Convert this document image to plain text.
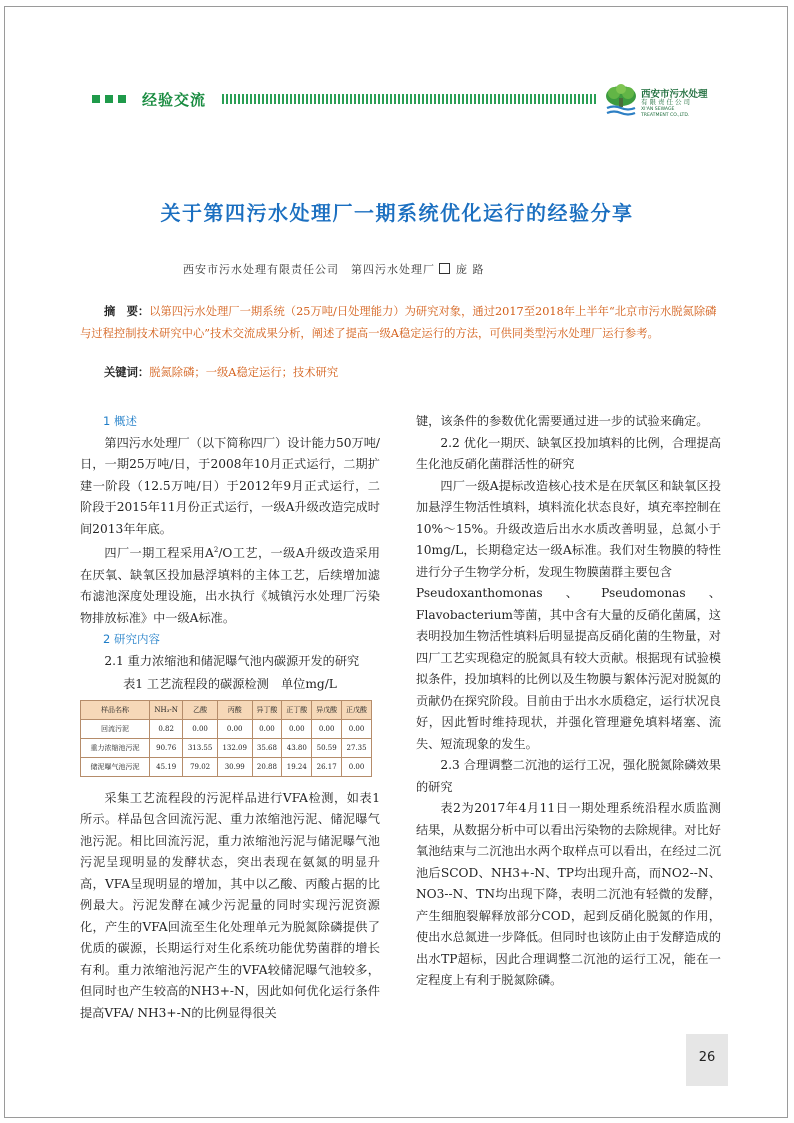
经验交流	西安市污水处理
有限责任公司
XI'AN SEWAGE
TREATMENT CO.,LTD.
关于第四污水处理厂一期系统优化运行的经验分享
西安市污水处理有限责任公司　第四污水处理厂 庞 路
摘　要：以第四污水处理厂一期系统（25万吨/日处理能力）为研究对象，通过2017至2018年上半年“北京市污水脱氮除磷与过程控制技术研究中心”技术交流成果分析，阐述了提高一级A稳定运行的方法，可供同类型污水处理厂运行参考。
关键词：脱氮除磷；一级A稳定运行；技术研究

1 概述

第四污水处理厂（以下简称四厂）设计能力50万吨/日，一期25万吨/日，于2008年10月正式运行，二期扩建一阶段（12.5万吨/日）于2012年9月正式运行，二阶段于2015年11月份正式运行，一级A升级改造完成时间2013年年底。

四厂一期工程采用$A^2/O$工艺，一级A升级改造采用在厌氧、缺氧区投加悬浮填料的主体工艺，后续增加滤布滤池深度处理设施，出水执行《城镇污水处理厂污染物排放标准》中一级A标准。

2 研究内容

2.1 重力浓缩池和储泥曝气池内碳源开发的研究

表1 工艺流程段的碳源检测　单位mg/L

样品名称	NH₃-N	乙酸	丙酸	异丁酸	正丁酸	异戊酸	正戊酸
回流污泥	0.82	0.00	0.00	0.00	0.00	0.00	0.00
重力浓缩池污泥	90.76	313.55	132.09	35.68	43.80	50.59	27.35
储泥曝气池污泥	45.19	79.02	30.99	20.88	19.24	26.17	0.00

采集工艺流程段的污泥样品进行VFA检测，如表1所示。样品包含回流污泥、重力浓缩池污泥、储泥曝气池污泥。相比回流污泥，重力浓缩池污泥与储泥曝气池污泥呈现明显的发酵状态，突出表现在氨氮的明显升高，VFA呈现明显的增加，其中以乙酸、丙酸占据的比例最大。污泥发酵在减少污泥量的同时实现污泥资源化，产生的VFA回流至生化处理单元为脱氮除磷提供了优质的碳源，长期运行对生化系统功能优势菌群的增长有利。重力浓缩池污泥产生的VFA较储泥曝气池较多，但同时也产生较高的NH3+-N，因此如何优化运行条件提高VFA/ NH3+-N的比例显得很关

键，该条件的参数优化需要通过进一步的试验来确定。

2.2 优化一期厌、缺氧区投加填料的比例，合理提高生化池反硝化菌群活性的研究

四厂一级A提标改造核心技术是在厌氧区和缺氧区投加悬浮生物活性填料，填料流化状态良好，填充率控制在10%～15%。升级改造后出水水质改善明显，总氮小于10mg/L，长期稳定达一级A标准。我们对生物膜的特性进行分子生物学分析，发现生物膜菌群主要包含

Pseudoxanthomonas、Pseudomonas、

Flavobacterium等菌，其中含有大量的反硝化菌属，这表明投加生物活性填料后明显提高反硝化菌的生物量，对四厂工艺实现稳定的脱氮具有较大贡献。根据现有试验模拟条件，投加填料的比例以及生物膜与絮体污泥对脱氮的贡献仍在探究阶段。目前由于出水水质稳定，运行状况良好，因此暂时维持现状，并强化管理避免填料堵塞、流失、短流现象的发生。

2.3 合理调整二沉池的运行工况，强化脱氮除磷效果的研究

表2为2017年4月11日一期处理系统沿程水质监测结果，从数据分析中可以看出污染物的去除规律。对比好氧池结束与二沉池出水两个取样点可以看出，在经过二沉池后SCOD、NH3+-N、TP均出现升高，而NO2--N、NO3--N、TN均出现下降，表明二沉池有轻微的发酵，产生细胞裂解释放部分COD，起到反硝化脱氮的作用，使出水总氮进一步降低。但同时也该防止由于发酵造成的出水TP超标，因此合理调整二沉池的运行工况，能在一定程度上有利于脱氮除磷。

26
